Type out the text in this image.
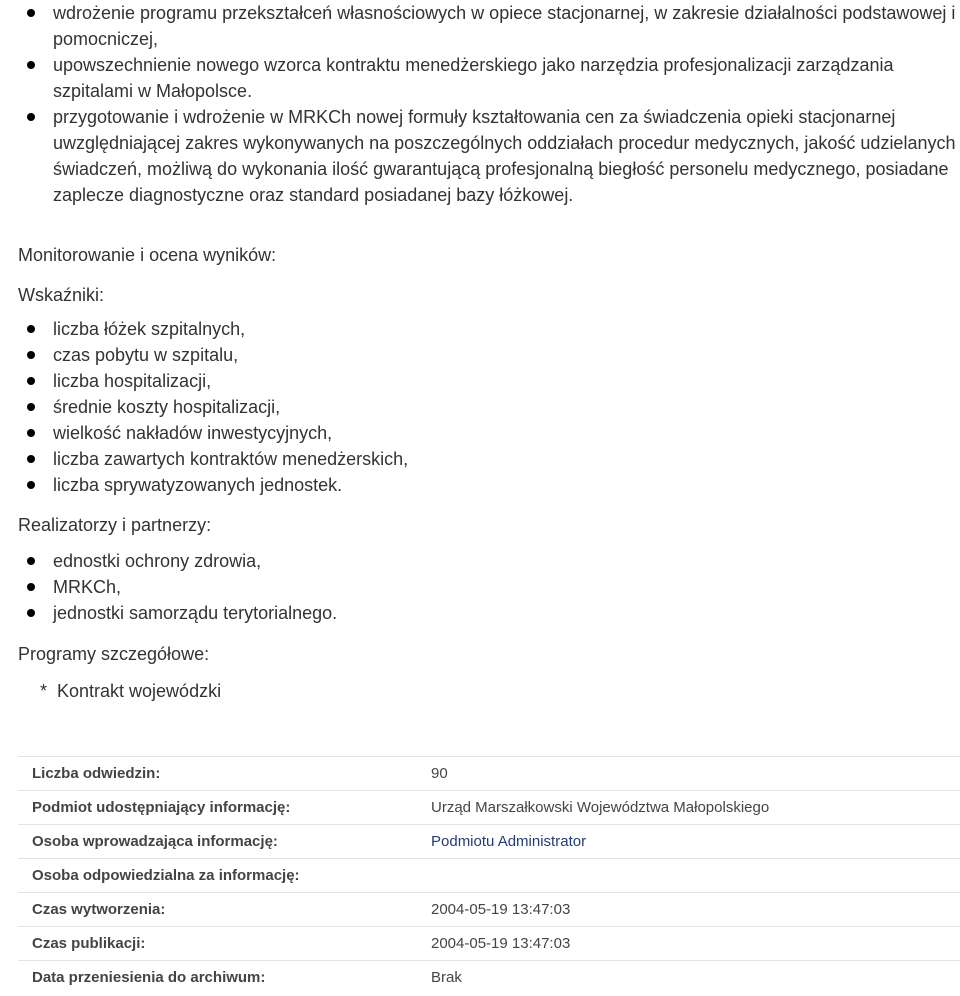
wdrożenie programu przekształceń własnościowych w opiece stacjonarnej, w zakresie działalności podstawowej i pomocniczej,
upowszechnienie nowego wzorca kontraktu menedżerskiego jako narzędzia profesjonalizacji zarządzania szpitalami w Małopolsce.
przygotowanie i wdrożenie w MRKCh nowej formuły kształtowania cen za świadczenia opieki stacjonarnej uwzględniającej zakres wykonywanych na poszczególnych oddziałach procedur medycznych, jakość udzielanych świadczeń, możliwą do wykonania ilość gwarantującą profesjonalną biegłość personelu medycznego, posiadane zaplecze diagnostyczne oraz standard posiadanej bazy łóżkowej.
Monitorowanie i ocena wyników:
Wskaźniki:
liczba łóżek szpitalnych,
czas pobytu w szpitalu,
liczba hospitalizacji,
średnie koszty hospitalizacji,
wielkość nakładów inwestycyjnych,
liczba zawartych kontraktów menedżerskich,
liczba sprywatyzowanych jednostek.
Realizatorzy i partnerzy:
ednostki ochrony zdrowia,
MRKCh,
jednostki samorządu terytorialnego.
Programy szczegółowe:
*  Kontrakt wojewódzki
Liczba odwiedzin:	90
Podmiot udostępniający informację:	Urząd Marszałkowski Województwa Małopolskiego
Osoba wprowadzająca informację:	Podmiotu Administrator
Osoba odpowiedzialna za informację:
Czas wytworzenia:	2004-05-19 13:47:03
Czas publikacji:	2004-05-19 13:47:03
Data przeniesienia do archiwum:	Brak
